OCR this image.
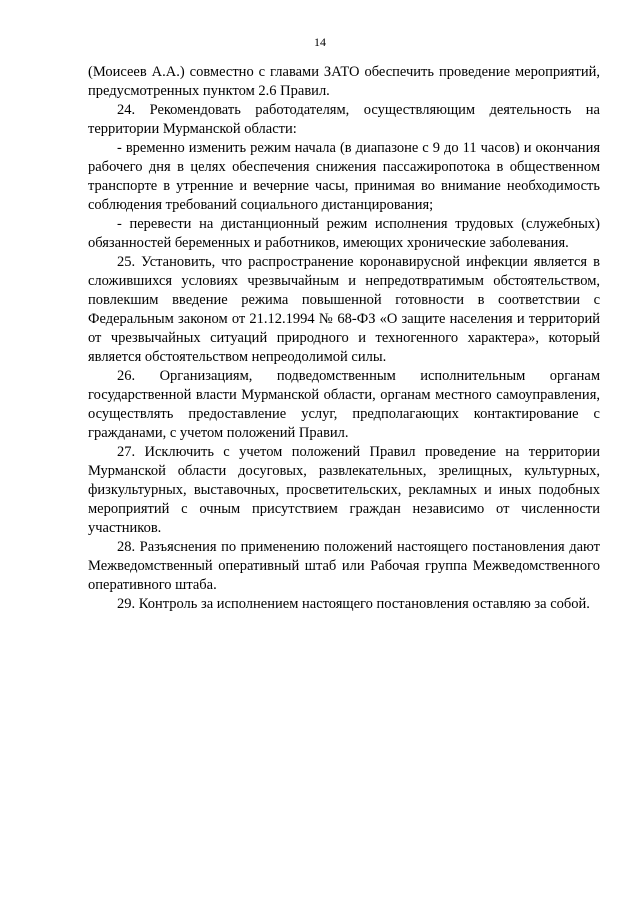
14

(Моисеев А.А.) совместно с главами ЗАТО обеспечить проведение мероприятий, предусмотренных пунктом 2.6 Правил.

24. Рекомендовать работодателям, осуществляющим деятельность на территории Мурманской области:

- временно изменить режим начала (в диапазоне с 9 до 11 часов) и окончания рабочего дня в целях обеспечения снижения пассажиропотока в общественном транспорте в утренние и вечерние часы, принимая во внимание необходимость соблюдения требований социального дистанцирования;

- перевести на дистанционный режим исполнения трудовых (служебных) обязанностей беременных и работников, имеющих хронические заболевания.

25. Установить, что распространение коронавирусной инфекции является в сложившихся условиях чрезвычайным и непредотвратимым обстоятельством, повлекшим введение режима повышенной готовности в соответствии с Федеральным законом от 21.12.1994 № 68-ФЗ «О защите населения и территорий от чрезвычайных ситуаций природного и техногенного характера», который является обстоятельством непреодолимой силы.

26. Организациям, подведомственным исполнительным органам государственной власти Мурманской области, органам местного самоуправления, осуществлять предоставление услуг, предполагающих контактирование с гражданами, с учетом положений Правил.

27. Исключить с учетом положений Правил проведение на территории Мурманской области досуговых, развлекательных, зрелищных, культурных, физкультурных, выставочных, просветительских, рекламных и иных подобных мероприятий с очным присутствием граждан независимо от численности участников.

28. Разъяснения по применению положений настоящего постановления дают Межведомственный оперативный штаб или Рабочая группа Межведомственного оперативного штаба.

29. Контроль за исполнением настоящего постановления оставляю за собой.
